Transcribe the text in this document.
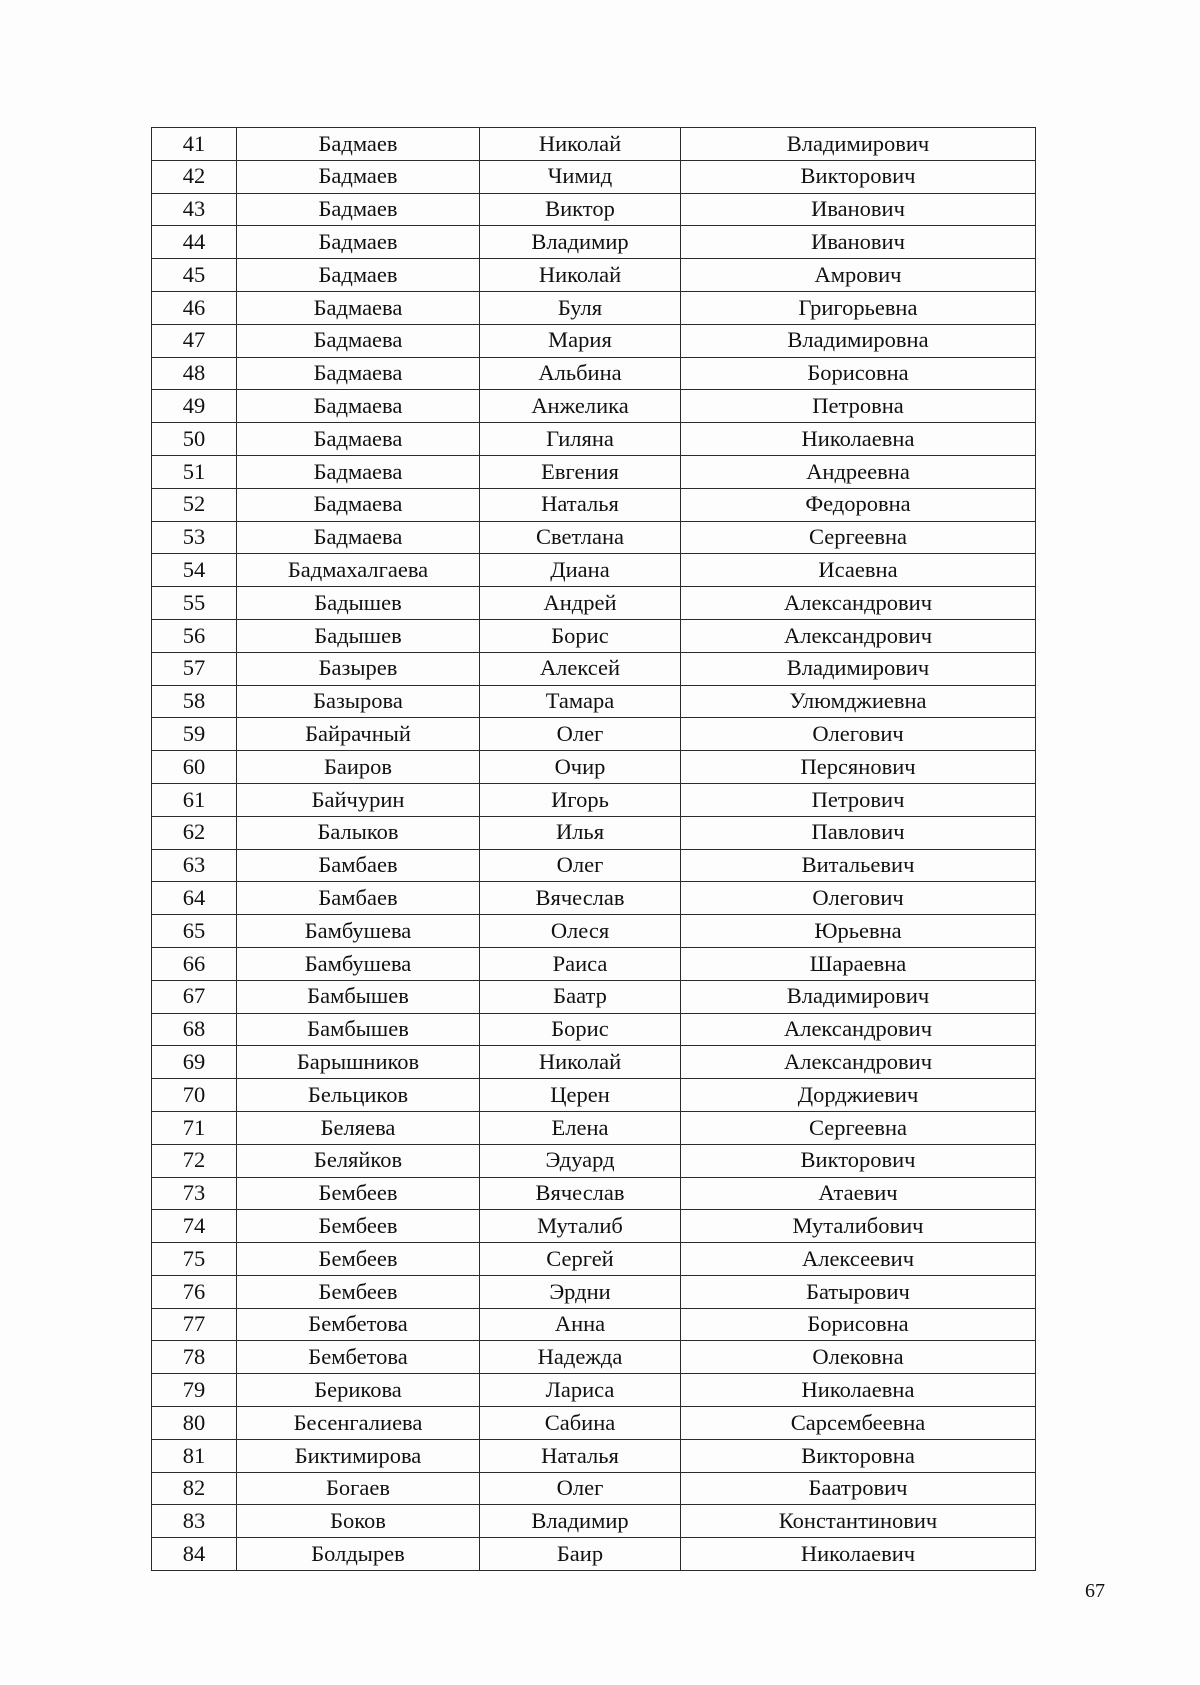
41	Бадмаев	Николай	Владимирович
42	Бадмаев	Чимид	Викторович
43	Бадмаев	Виктор	Иванович
44	Бадмаев	Владимир	Иванович
45	Бадмаев	Николай	Амрович
46	Бадмаева	Буля	Григорьевна
47	Бадмаева	Мария	Владимировна
48	Бадмаева	Альбина	Борисовна
49	Бадмаева	Анжелика	Петровна
50	Бадмаева	Гиляна	Николаевна
51	Бадмаева	Евгения	Андреевна
52	Бадмаева	Наталья	Федоровна
53	Бадмаева	Светлана	Сергеевна
54	Бадмахалгаева	Диана	Исаевна
55	Бадышев	Андрей	Александрович
56	Бадышев	Борис	Александрович
57	Базырев	Алексей	Владимирович
58	Базырова	Тамара	Улюмджиевна
59	Байрачный	Олег	Олегович
60	Баиров	Очир	Персянович
61	Байчурин	Игорь	Петрович
62	Балыков	Илья	Павлович
63	Бамбаев	Олег	Витальевич
64	Бамбаев	Вячеслав	Олегович
65	Бамбушева	Олеся	Юрьевна
66	Бамбушева	Раиса	Шараевна
67	Бамбышев	Баатр	Владимирович
68	Бамбышев	Борис	Александрович
69	Барышников	Николай	Александрович
70	Бельциков	Церен	Дорджиевич
71	Беляева	Елена	Сергеевна
72	Беляйков	Эдуард	Викторович
73	Бембеев	Вячеслав	Атаевич
74	Бембеев	Муталиб	Муталибович
75	Бембеев	Сергей	Алексеевич
76	Бембеев	Эрдни	Батырович
77	Бембетова	Анна	Борисовна
78	Бембетова	Надежда	Олековна
79	Берикова	Лариса	Николаевна
80	Бесенгалиева	Сабина	Сарсембеевна
81	Биктимирова	Наталья	Викторовна
82	Богаев	Олег	Баатрович
83	Боков	Владимир	Константинович
84	Болдырев	Баир	Николаевич
67
